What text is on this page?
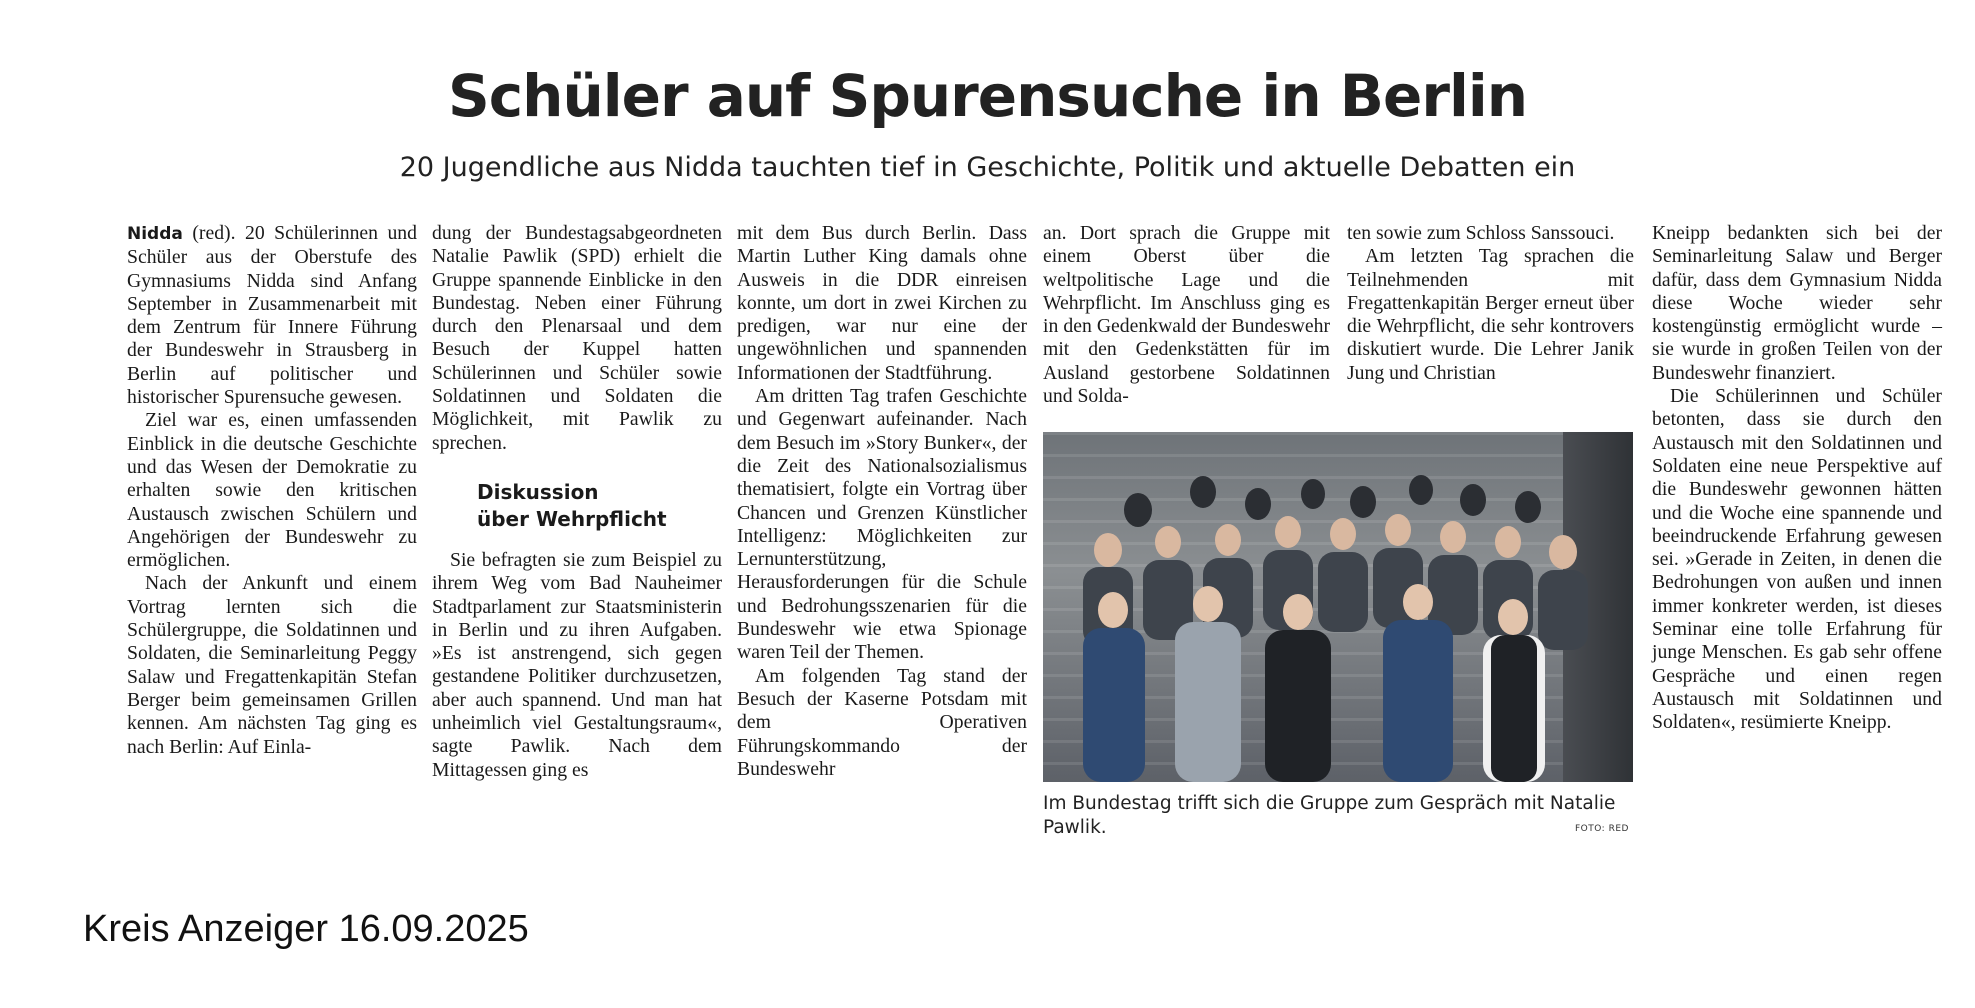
Schüler auf Spurensuche in Berlin
20 Jugendliche aus Nidda tauchten tief in Geschichte, Politik und aktuelle Debatten ein

Nidda (red). 20 Schülerinnen und Schüler aus der Oberstufe des Gymnasiums Nidda sind Anfang September in Zusammenarbeit mit dem Zentrum für Innere Führung der Bundeswehr in Strausberg in Berlin auf politischer und historischer Spurensuche gewesen.

Ziel war es, einen umfassenden Einblick in die deutsche Geschichte und das Wesen der Demokratie zu erhalten sowie den kritischen Austausch zwischen Schülern und Angehörigen der Bundeswehr zu ermöglichen.

Nach der Ankunft und einem Vortrag lernten sich die Schülergruppe, die Soldatinnen und Soldaten, die Seminarleitung Peggy Salaw und Fregattenkapitän Stefan Berger beim gemeinsamen Grillen kennen. Am nächsten Tag ging es nach Berlin: Auf Einla-

dung der Bundestagsabgeordneten Natalie Pawlik (SPD) erhielt die Gruppe spannende Einblicke in den Bundestag. Neben einer Führung durch den Plenarsaal und dem Besuch der Kuppel hatten Schülerinnen und Schüler sowie Soldatinnen und Soldaten die Möglichkeit, mit Pawlik zu sprechen.

Diskussion
über Wehrpflicht

Sie befragten sie zum Beispiel zu ihrem Weg vom Bad Nauheimer Stadtparlament zur Staatsministerin in Berlin und zu ihren Aufgaben. »Es ist anstrengend, sich gegen gestandene Politiker durchzusetzen, aber auch spannend. Und man hat unheimlich viel Gestaltungsraum«, sagte Pawlik. Nach dem Mittagessen ging es

mit dem Bus durch Berlin. Dass Martin Luther King damals ohne Ausweis in die DDR einreisen konnte, um dort in zwei Kirchen zu predigen, war nur eine der ungewöhnlichen und spannenden Informationen der Stadtführung.

Am dritten Tag trafen Geschichte und Gegenwart aufeinander. Nach dem Besuch im »Story Bunker«, der die Zeit des Nationalsozialismus thematisiert, folgte ein Vortrag über Chancen und Grenzen Künstlicher Intelligenz: Möglichkeiten zur Lernunterstützung, Herausforderungen für die Schule und Bedrohungsszenarien für die Bundeswehr wie etwa Spionage waren Teil der Themen.

Am folgenden Tag stand der Besuch der Kaserne Potsdam mit dem Operativen Führungskommando der Bundeswehr

an. Dort sprach die Gruppe mit einem Oberst über die weltpolitische Lage und die Wehrpflicht. Im Anschluss ging es in den Gedenkwald der Bundeswehr mit den Gedenkstätten für im Ausland gestorbene Soldatinnen und Solda-

ten sowie zum Schloss Sanssouci.

Am letzten Tag sprachen die Teilnehmenden mit Fregattenkapitän Berger erneut über die Wehrpflicht, die sehr kontrovers diskutiert wurde. Die Lehrer Janik Jung und Christian

Kneipp bedankten sich bei der Seminarleitung Salaw und Berger dafür, dass dem Gymnasium Nidda diese Woche wieder sehr kostengünstig ermöglicht wurde – sie wurde in großen Teilen von der Bundeswehr finanziert.

Die Schülerinnen und Schüler betonten, dass sie durch den Austausch mit den Soldatinnen und Soldaten eine neue Perspektive auf die Bundeswehr gewonnen hätten und die Woche eine spannende und beeindruckende Erfahrung gewesen sei. »Gerade in Zeiten, in denen die Bedrohungen von außen und innen immer konkreter werden, ist dieses Seminar eine tolle Erfahrung für junge Menschen. Es gab sehr offene Gespräche und einen regen Austausch mit Soldatinnen und Soldaten«, resümierte Kneipp.

Im Bundestag trifft sich die Gruppe zum Gespräch mit Natalie Pawlik.	FOTO: RED
Kreis Anzeiger 16.09.2025
